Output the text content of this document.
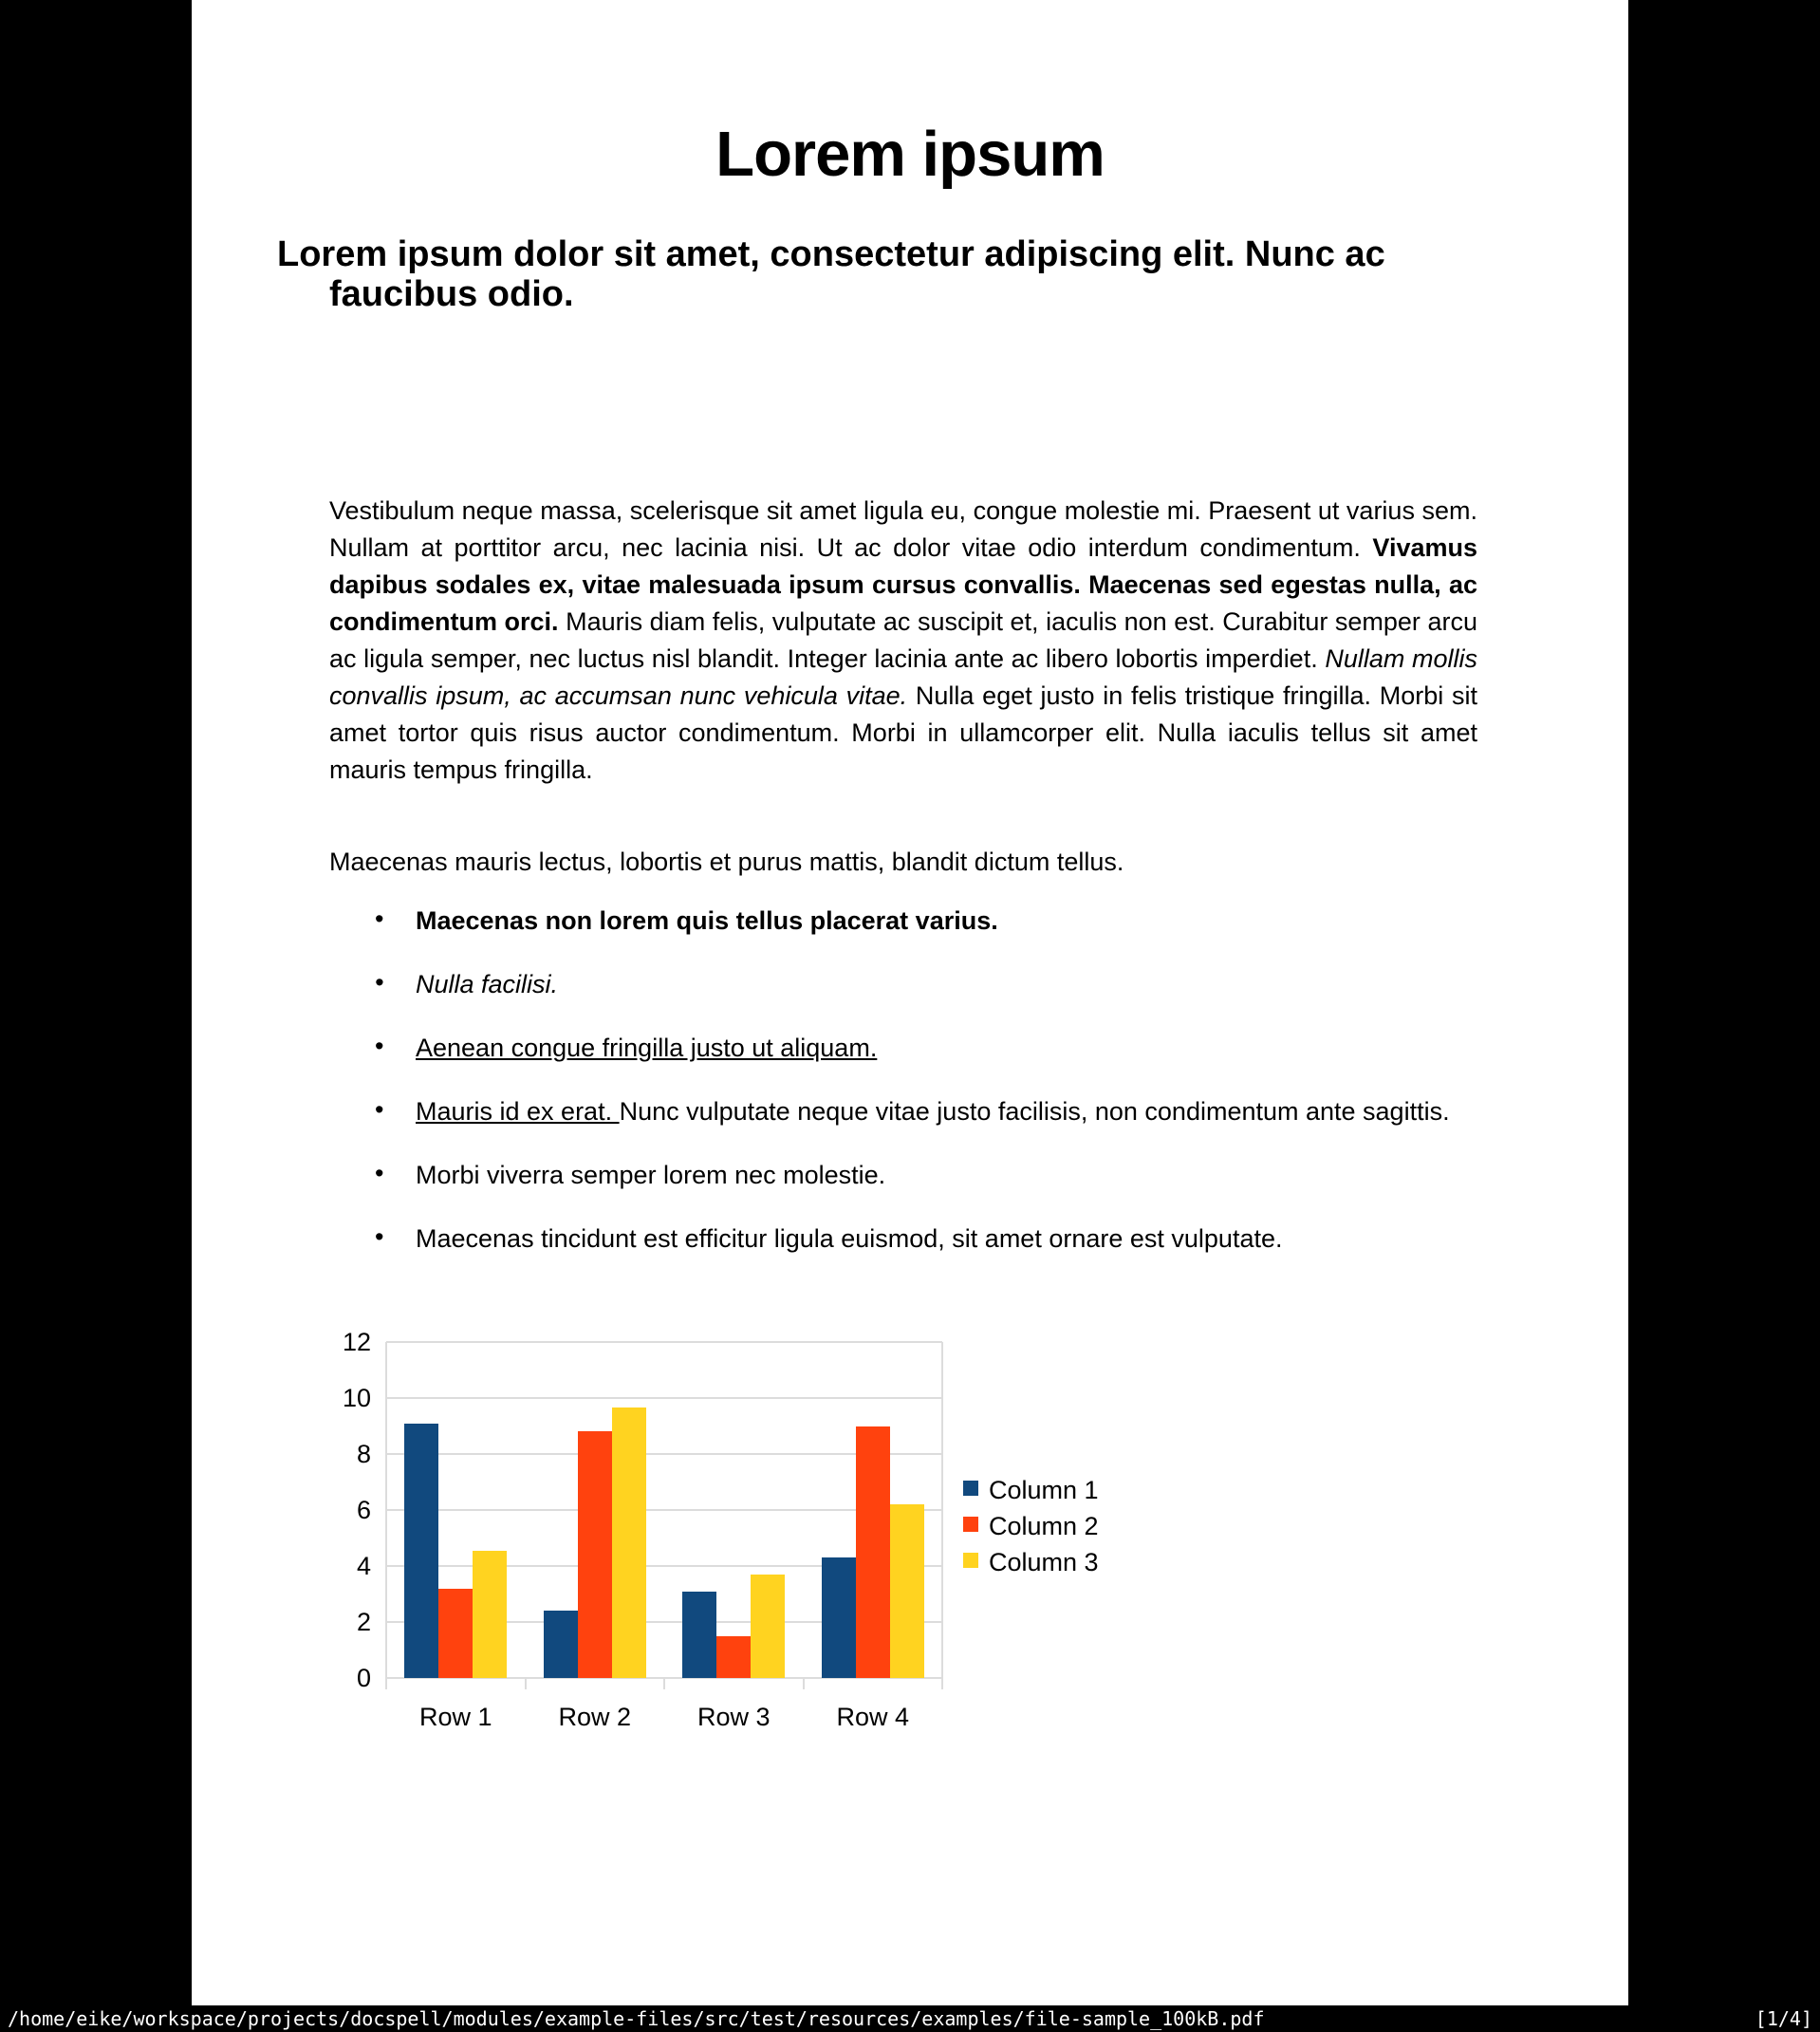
Lorem ipsum
Lorem ipsum dolor sit amet, consectetur adipiscing elit. Nunc ac faucibus odio.

Vestibulum neque massa, scelerisque sit amet ligula eu, congue molestie mi. Praesent ut varius sem. Nullam at porttitor arcu, nec lacinia nisi. Ut ac dolor vitae odio interdum condimentum. Vivamus dapibus sodales ex, vitae malesuada ipsum cursus convallis. Maecenas sed egestas nulla, ac condimentum orci. Mauris diam felis, vulputate ac suscipit et, iaculis non est. Curabitur semper arcu ac ligula semper, nec luctus nisl blandit. Integer lacinia ante ac libero lobortis imperdiet. Nullam mollis convallis ipsum, ac accumsan nunc vehicula vitae. Nulla eget justo in felis tristique fringilla. Morbi sit amet tortor quis risus auctor condimentum. Morbi in ullamcorper elit. Nulla iaculis tellus sit amet mauris tempus fringilla.

Maecenas mauris lectus, lobortis et purus mattis, blandit dictum tellus.

• Maecenas non lorem quis tellus placerat varius.
• Nulla facilisi.
• Aenean congue fringilla justo ut aliquam.
• Mauris id ex erat. Nunc vulputate neque vitae justo facilisis, non condimentum ante sagittis.
• Morbi viverra semper lorem nec molestie.
• Maecenas tincidunt est efficitur ligula euismod, sit amet ornare est vulputate.
0
2
4
6
8
10
12
Row 1	Row 2	Row 3	Row 4
Column 1
Column 2
Column 3
/home/eike/workspace/projects/docspell/modules/example-files/src/test/resources/examples/file-sample_100kB.pdf	[1/4]
